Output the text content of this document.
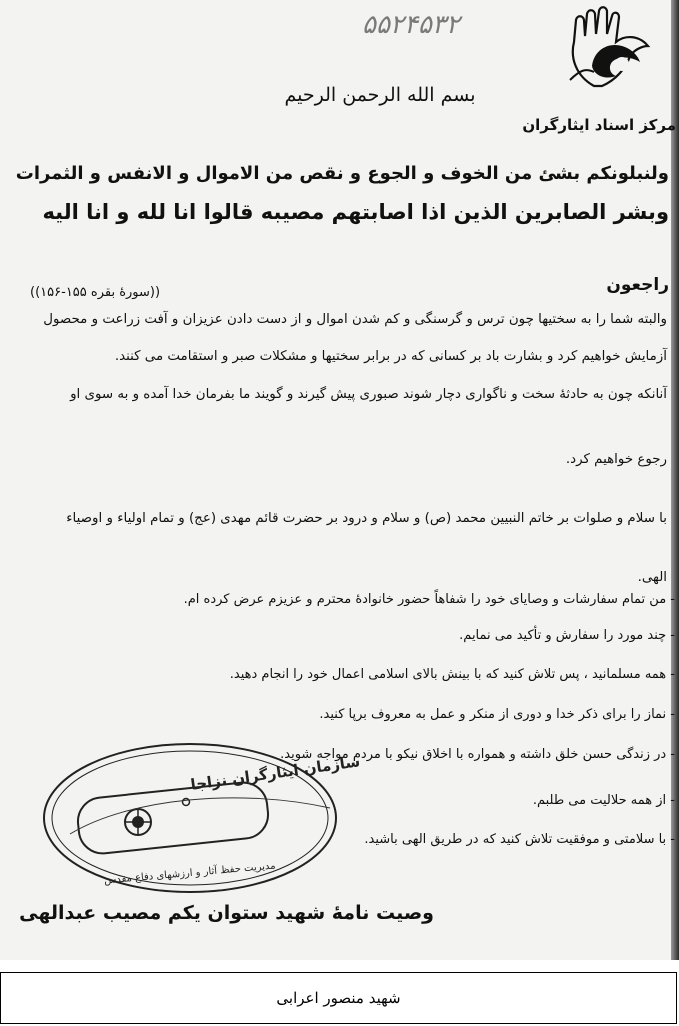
۵۵۲۴۵۳۲
مرکز اسناد ایثارگران
بسم الله الرحمن الرحیم
ولنبلونکم بشئ من الخوف و الجوع و نقص من الاموال و الانفس و الثمرات
وبشر الصابرین الذین اذا اصابتهم مصیبه قالوا انا لله و انا الیه
راجعون
((سورهٔ بقره ۱۵۵-۱۵۶))
والبته شما را به سختیها چون ترس و گرسنگی و کم شدن اموال و از دست دادن عزیزان و آفت زراعت و محصول
آزمایش خواهیم کرد و بشارت باد بر کسانی که در برابر سختیها و مشکلات صبر و استقامت می کنند.
آنانکه چون به حادثهٔ سخت و ناگواری دچار شوند صبوری پیش گیرند و گویند ما بفرمان خدا آمده و به سوی او
رجوع خواهیم کرد.
با سلام و صلوات بر خاتم النبیین محمد (ص) و سلام و درود بر حضرت قائم مهدی (عج) و تمام اولیاء و اوصیاء
الهی.
- من تمام سفارشات و وصایای خود را شفاهاً حضور خانوادهٔ محترم و عزیزم عرض کرده ام.
- چند مورد را سفارش و تأکید می نمایم.
- همه مسلمانید ، پس تلاش کنید که با بینش بالای اسلامی اعمال خود را انجام دهید.
- نماز را برای ذکر خدا و دوری از منکر و عمل به معروف برپا کنید.
- در زندگی حسن خلق داشته و همواره با اخلاق نیکو با مردم مواجه شوید.
- از همه حلالیت می طلبم.
- با سلامتی و موفقیت تلاش کنید که در طریق الهی باشید.
سازمان ایثارگران نزاجا
مدیریت حفظ آثار و ارزشهای دفاع مقدس
وصیت نامهٔ شهید ستوان یکم مصیب عبدالهی
شهید منصور اعرابی
